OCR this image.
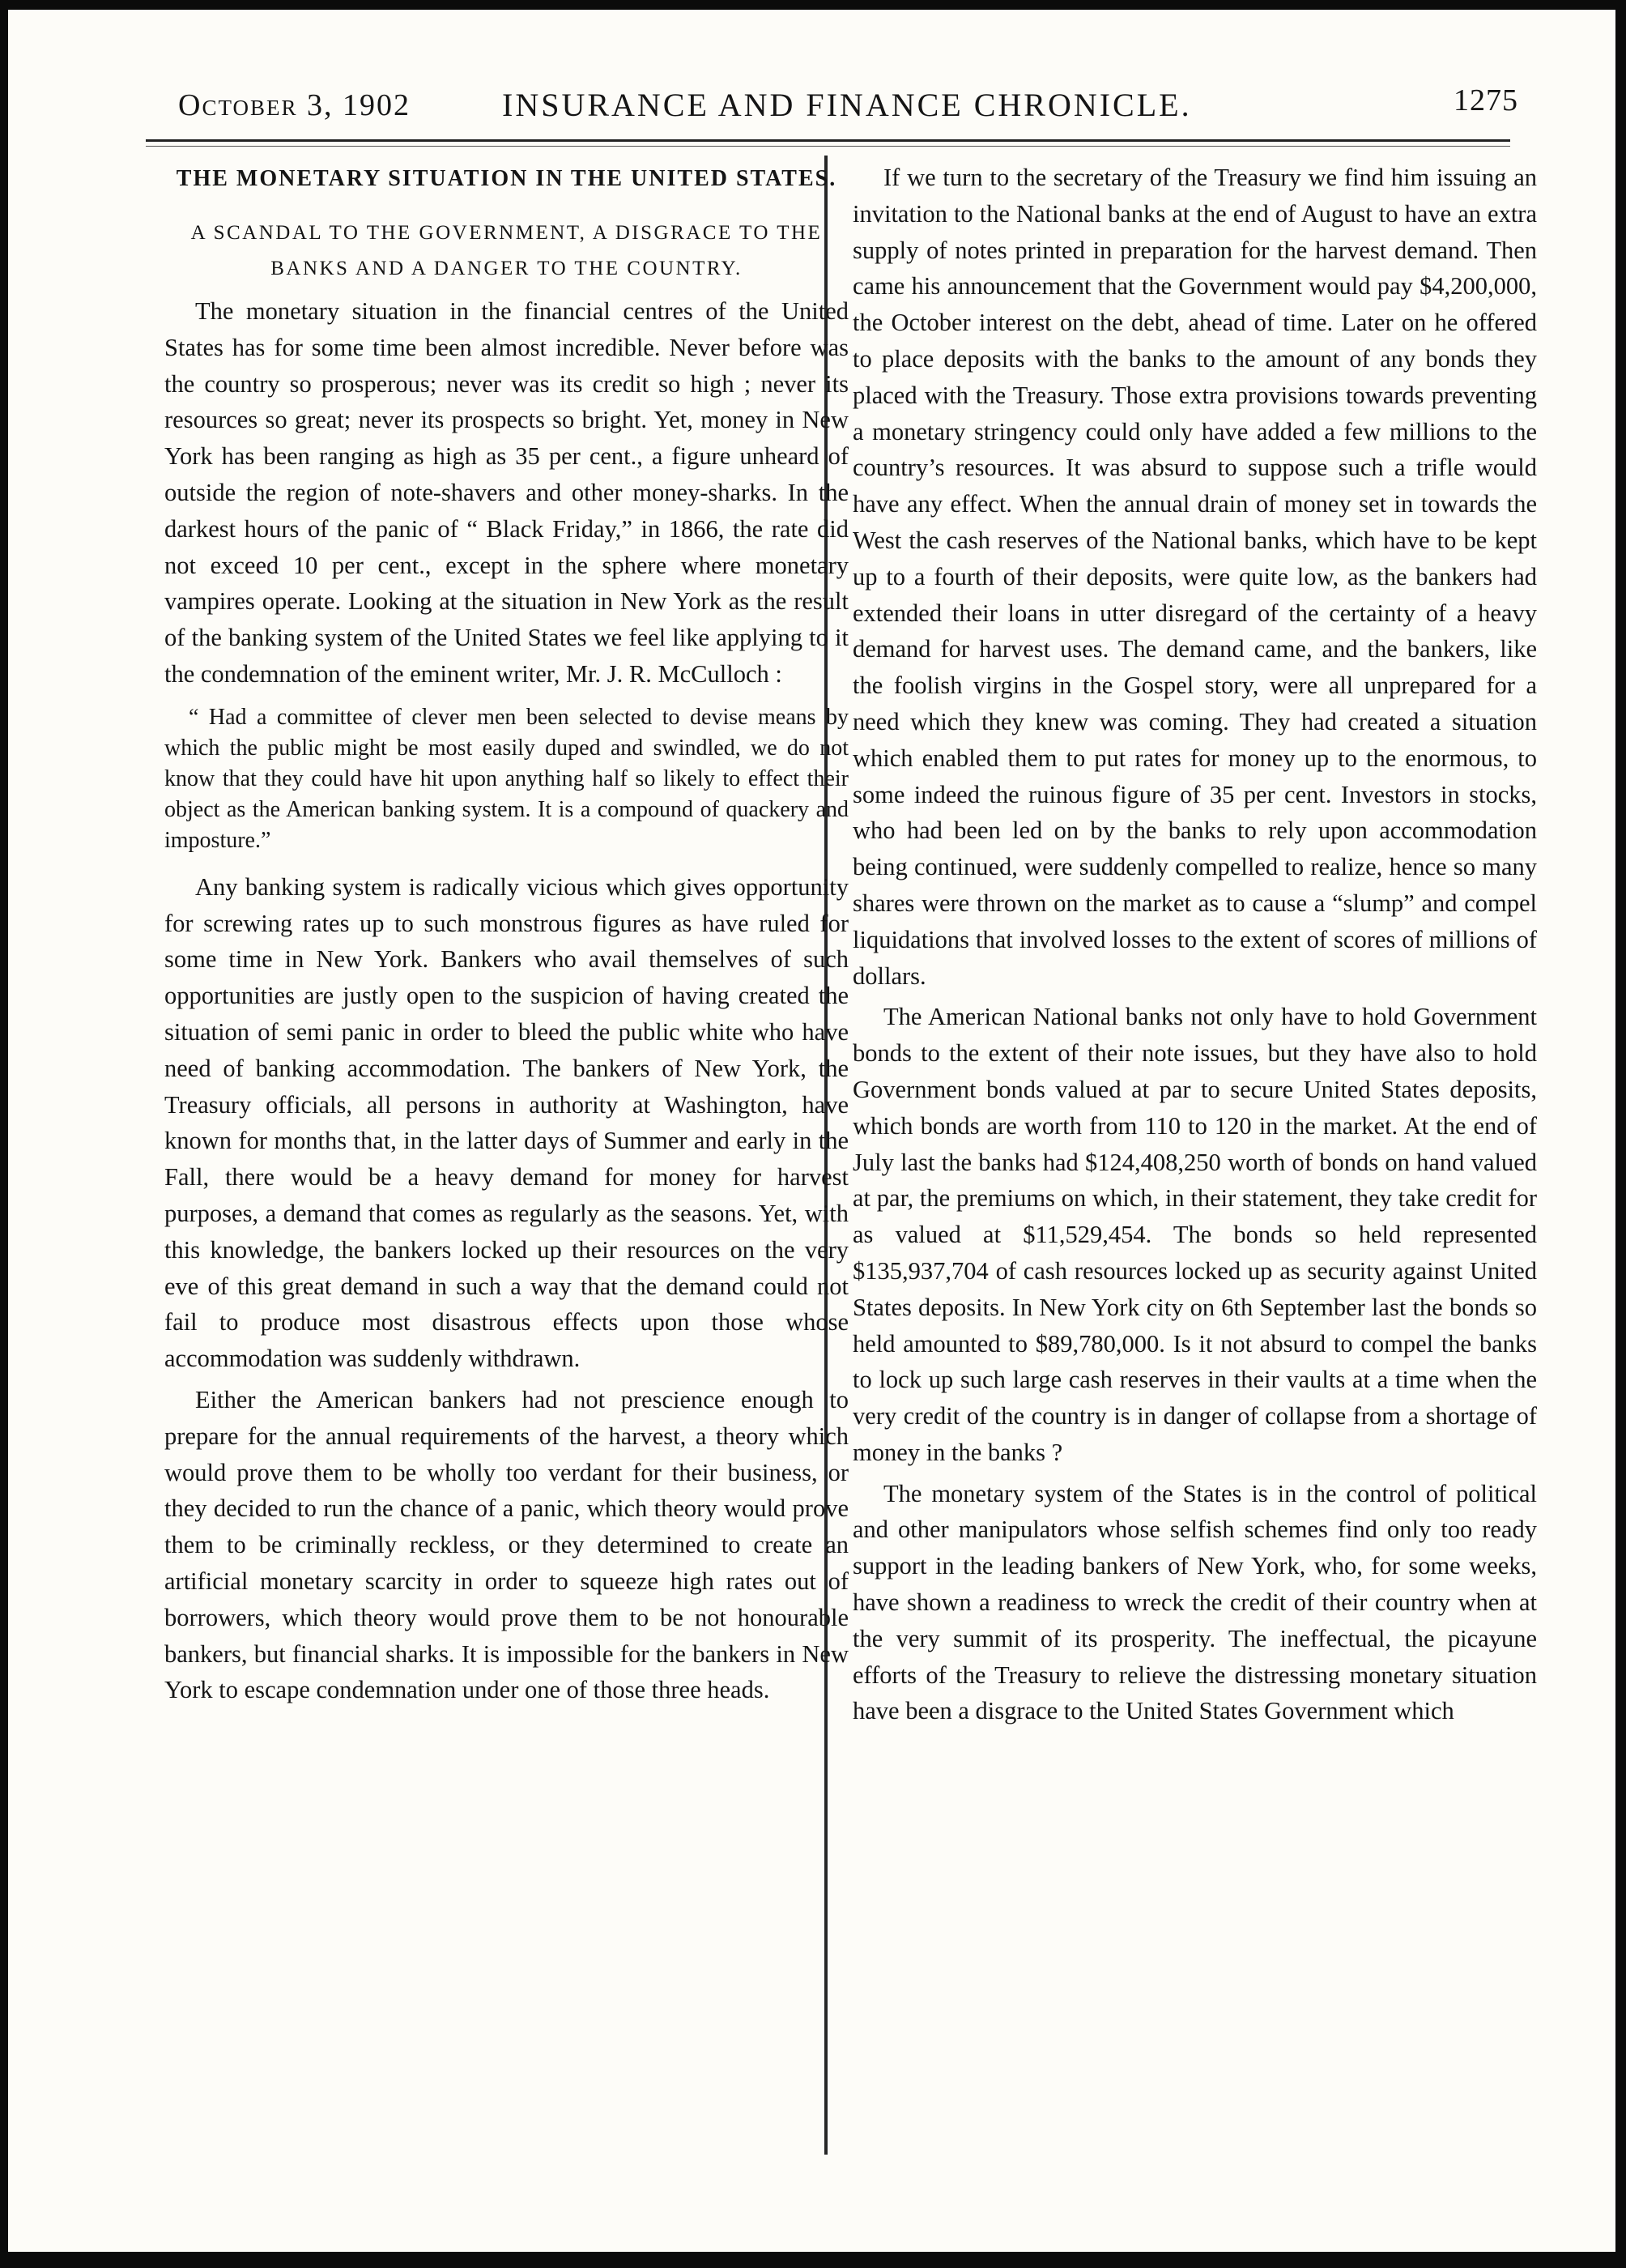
October 3, 1902	INSURANCE AND FINANCE CHRONICLE.	1275
THE MONETARY SITUATION IN THE UNITED STATES.
A SCANDAL TO THE GOVERNMENT, A DISGRACE TO THE BANKS AND A DANGER TO THE COUNTRY.

The monetary situation in the financial centres of the United States has for some time been almost incredible. Never before was the country so prosperous; never was its credit so high ; never its resources so great; never its prospects so bright. Yet, money in New York has been ranging as high as 35 per cent., a figure unheard of outside the region of note-shavers and other money-sharks. In the darkest hours of the panic of “ Black Friday,” in 1866, the rate did not exceed 10 per cent., except in the sphere where monetary vampires operate. Looking at the situation in New York as the result of the banking system of the United States we feel like applying to it the condemnation of the eminent writer, Mr. J. R. McCulloch :

“ Had a committee of clever men been selected to devise means by which the public might be most easily duped and swindled, we do not know that they could have hit upon anything half so likely to effect their object as the American banking system. It is a compound of quackery and imposture.”

Any banking system is radically vicious which gives opportunity for screwing rates up to such monstrous figures as have ruled for some time in New York. Bankers who avail themselves of such opportunities are justly open to the suspicion of having created the situation of semi panic in order to bleed the public white who have need of banking accommodation. The bankers of New York, the Treasury officials, all persons in authority at Washington, have known for months that, in the latter days of Summer and early in the Fall, there would be a heavy demand for money for harvest purposes, a demand that comes as regularly as the seasons. Yet, with this knowledge, the bankers locked up their resources on the very eve of this great demand in such a way that the demand could not fail to produce most disastrous effects upon those whose accommodation was suddenly withdrawn.

Either the American bankers had not prescience enough to prepare for the annual requirements of the harvest, a theory which would prove them to be wholly too verdant for their business, or they decided to run the chance of a panic, which theory would prove them to be criminally reckless, or they determined to create an artificial monetary scarcity in order to squeeze high rates out of borrowers, which theory would prove them to be not honourable bankers, but financial sharks. It is impossible for the bankers in New York to escape condemnation under one of those three heads.

If we turn to the secretary of the Treasury we find him issuing an invitation to the National banks at the end of August to have an extra supply of notes printed in preparation for the harvest demand. Then came his announcement that the Government would pay $4,200,000, the October interest on the debt, ahead of time. Later on he offered to place deposits with the banks to the amount of any bonds they placed with the Treasury. Those extra provisions towards preventing a monetary stringency could only have added a few millions to the country’s resources. It was absurd to suppose such a trifle would have any effect. When the annual drain of money set in towards the West the cash reserves of the National banks, which have to be kept up to a fourth of their deposits, were quite low, as the bankers had extended their loans in utter disregard of the certainty of a heavy demand for harvest uses. The demand came, and the bankers, like the foolish virgins in the Gospel story, were all unprepared for a need which they knew was coming. They had created a situation which enabled them to put rates for money up to the enormous, to some indeed the ruinous figure of 35 per cent. Investors in stocks, who had been led on by the banks to rely upon accommodation being continued, were suddenly compelled to realize, hence so many shares were thrown on the market as to cause a “slump” and compel liquidations that involved losses to the extent of scores of millions of dollars.

The American National banks not only have to hold Government bonds to the extent of their note issues, but they have also to hold Government bonds valued at par to secure United States deposits, which bonds are worth from 110 to 120 in the market. At the end of July last the banks had $124,408,250 worth of bonds on hand valued at par, the premiums on which, in their statement, they take credit for as valued at $11,529,454. The bonds so held represented $135,937,704 of cash resources locked up as security against United States deposits. In New York city on 6th September last the bonds so held amounted to $89,780,000. Is it not absurd to compel the banks to lock up such large cash reserves in their vaults at a time when the very credit of the country is in danger of collapse from a shortage of money in the banks ?

The monetary system of the States is in the control of political and other manipulators whose selfish schemes find only too ready support in the leading bankers of New York, who, for some weeks, have shown a readiness to wreck the credit of their country when at the very summit of its prosperity. The ineffectual, the picayune efforts of the Treasury to relieve the distressing monetary situation have been a disgrace to the United States Government which
